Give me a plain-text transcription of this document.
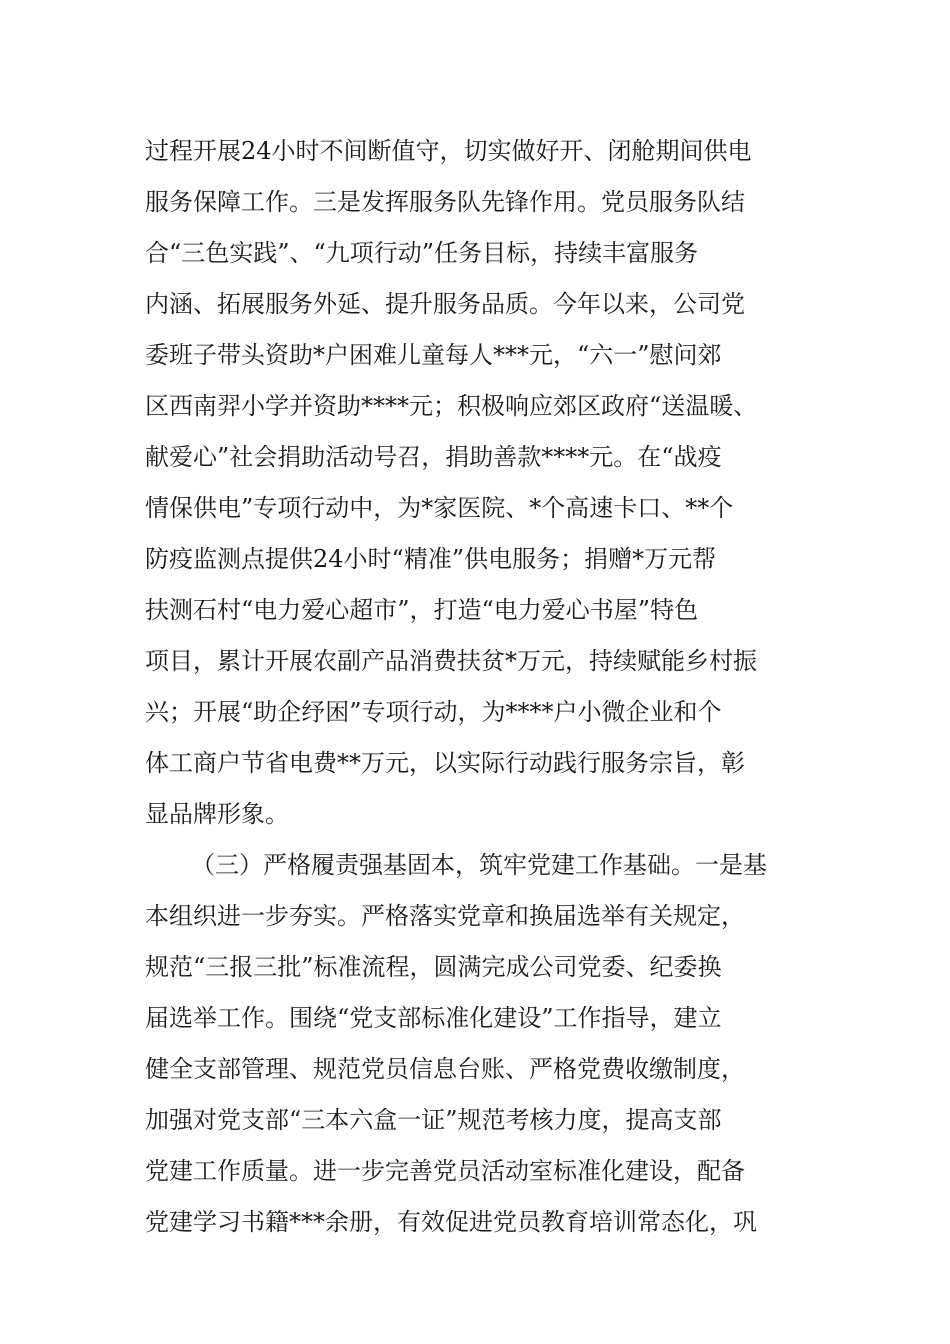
过程开展24小时不间断值守，切实做好开、闭舱期间供电
服务保障工作。三是发挥服务队先锋作用。党员服务队结
合“三色实践”、“九项行动”任务目标，持续丰富服务
内涵、拓展服务外延、提升服务品质。今年以来，公司党
委班子带头资助*户困难儿童每人***元，“六一”慰问郊
区西南羿小学并资助****元；积极响应郊区政府“送温暖、
献爱心”社会捐助活动号召，捐助善款****元。在“战疫
情保供电”专项行动中，为*家医院、*个高速卡口、**个
防疫监测点提供24小时“精准”供电服务；捐赠*万元帮
扶测石村“电力爱心超市”，打造“电力爱心书屋”特色
项目，累计开展农副产品消费扶贫*万元，持续赋能乡村振
兴；开展“助企纾困”专项行动，为****户小微企业和个
体工商户节省电费**万元，以实际行动践行服务宗旨，彰
显品牌形象。
（三）严格履责强基固本，筑牢党建工作基础。一是基
本组织进一步夯实。严格落实党章和换届选举有关规定，
规范“三报三批”标准流程，圆满完成公司党委、纪委换
届选举工作。围绕“党支部标准化建设”工作指导，建立
健全支部管理、规范党员信息台账、严格党费收缴制度，
加强对党支部“三本六盒一证”规范考核力度，提高支部
党建工作质量。进一步完善党员活动室标准化建设，配备
党建学习书籍***余册，有效促进党员教育培训常态化，巩
